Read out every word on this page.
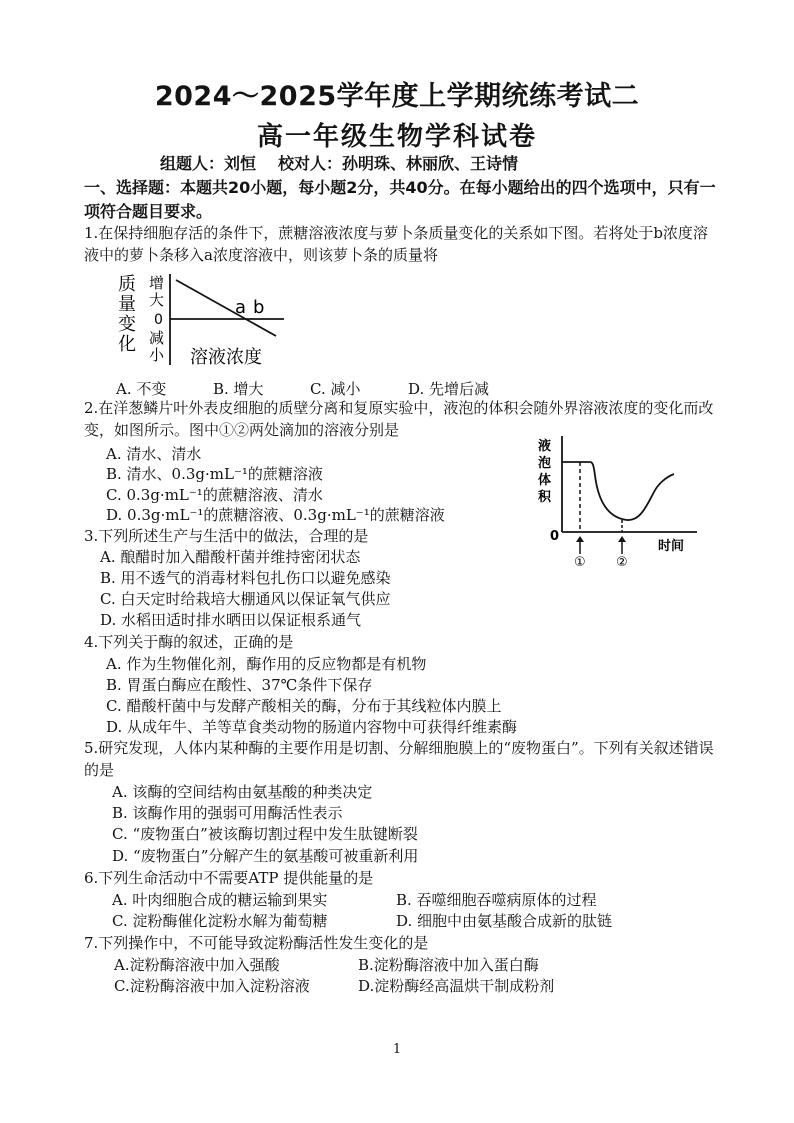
2024～2025学年度上学期统练考试二
高一年级生物学科试卷
组题人：刘恒 校对人：孙明珠、林丽欣、王诗情
一、选择题：本题共20小题，每小题2分，共40分。在每小题给出的四个选项中，只有一项符合题目要求。
1.在保持细胞存活的条件下，蔗糖溶液浓度与萝卜条质量变化的关系如下图。若将处于b浓度溶液中的萝卜条移入a浓度溶液中，则该萝卜条的质量将
质
量
变
化
增
大
0
减
小
a b
溶液浓度
A. 不变	B. 增大	C. 减小	D. 先增后减
2.在洋葱鳞片叶外表皮细胞的质壁分离和复原实验中，液泡的体积会随外界溶液浓度的变化而改变，如图所示。图中①②两处滴加的溶液分别是
A. 清水、清水
B. 清水、0.3g·mL⁻¹的蔗糖溶液
C. 0.3g·mL⁻¹的蔗糖溶液、清水
D. 0.3g·mL⁻¹的蔗糖溶液、0.3g·mL⁻¹的蔗糖溶液
液
泡
体
积
0
① ②
时间
3.下列所述生产与生活中的做法，合理的是
A. 酿醋时加入醋酸杆菌并维持密闭状态
B. 用不透气的消毒材料包扎伤口以避免感染
C. 白天定时给栽培大棚通风以保证氧气供应
D. 水稻田适时排水晒田以保证根系通气
4.下列关于酶的叙述，正确的是
A. 作为生物催化剂，酶作用的反应物都是有机物
B. 胃蛋白酶应在酸性、37℃条件下保存
C. 醋酸杆菌中与发酵产酸相关的酶，分布于其线粒体内膜上
D. 从成年牛、羊等草食类动物的肠道内容物中可获得纤维素酶
5.研究发现，人体内某种酶的主要作用是切割、分解细胞膜上的“废物蛋白”。下列有关叙述错误的是
A. 该酶的空间结构由氨基酸的种类决定
B. 该酶作用的强弱可用酶活性表示
C. “废物蛋白”被该酶切割过程中发生肽键断裂
D. “废物蛋白”分解产生的氨基酸可被重新利用
6.下列生命活动中不需要ATP 提供能量的是
A. 叶肉细胞合成的糖运输到果实	B. 吞噬细胞吞噬病原体的过程
C. 淀粉酶催化淀粉水解为葡萄糖	D. 细胞中由氨基酸合成新的肽链
7.下列操作中，不可能导致淀粉酶活性发生变化的是
A.淀粉酶溶液中加入强酸	B.淀粉酶溶液中加入蛋白酶
C.淀粉酶溶液中加入淀粉溶液	D.淀粉酶经高温烘干制成粉剂
1
